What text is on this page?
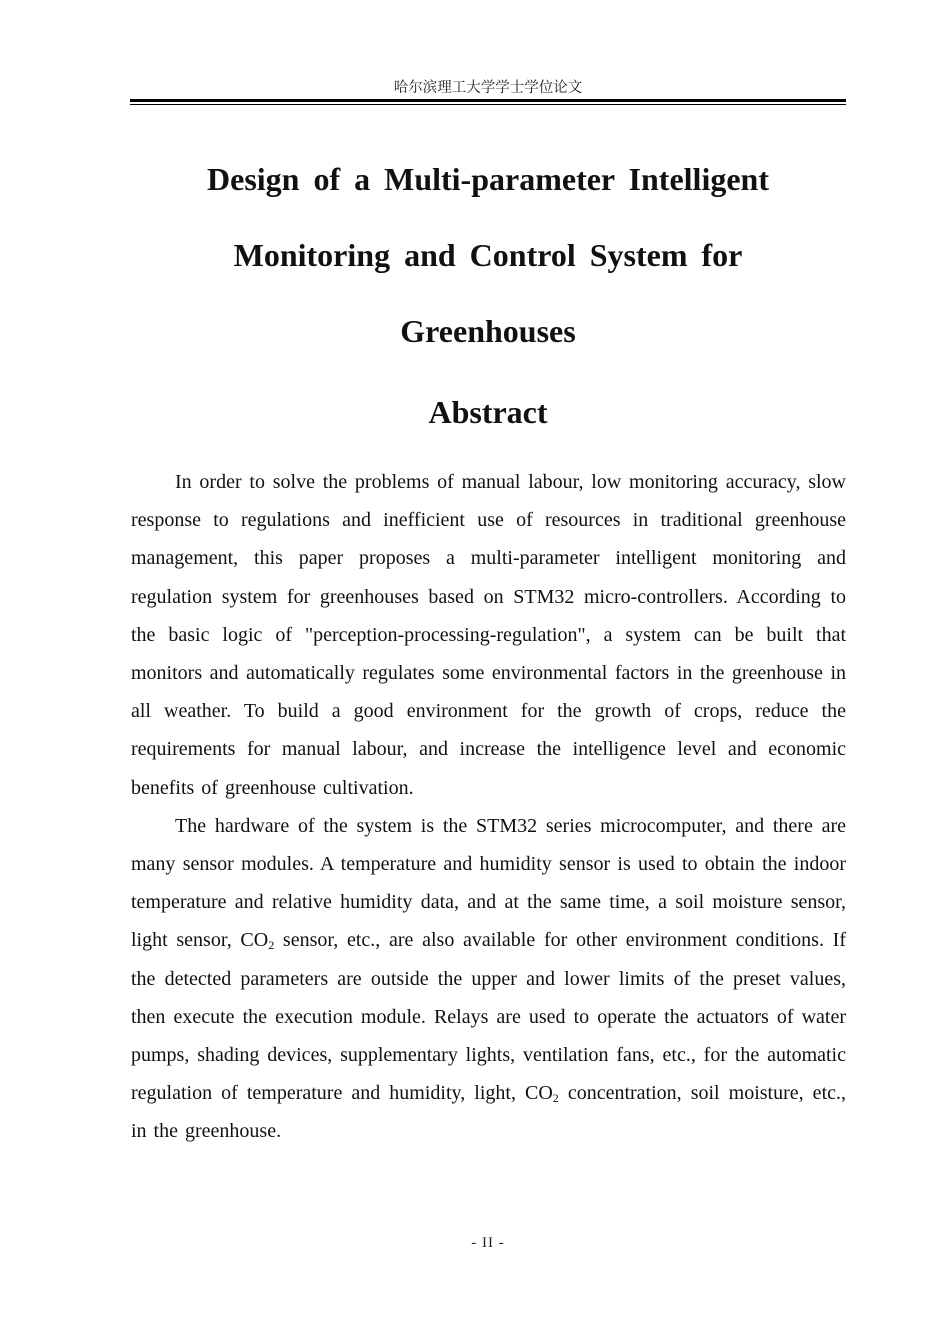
哈尔滨理工大学学士学位论文
Design of a Multi-parameter Intelligent
Monitoring and Control System for
Greenhouses
Abstract

In order to solve the problems of manual labour, low monitoring accuracy, slow response to regulations and inefficient use of resources in traditional greenhouse management, this paper proposes a multi-parameter intelligent monitoring and regulation system for greenhouses based on STM32 micro-controllers. According to the basic logic of "perception-processing-regulation", a system can be built that monitors and automatically regulates some environmental factors in the greenhouse in all weather. To build a good environment for the growth of crops, reduce the requirements for manual labour, and increase the intelligence level and economic benefits of greenhouse cultivation.

The hardware of the system is the STM32 series microcomputer, and there are many sensor modules. A temperature and humidity sensor is used to obtain the indoor temperature and relative humidity data, and at the same time, a soil moisture sensor, light sensor, $CO_2$ sensor, etc., are also available for other environment conditions. If the detected parameters are outside the upper and lower limits of the preset values, then execute the execution module. Relays are used to operate the actuators of water pumps, shading devices, supplementary lights, ventilation fans, etc., for the automatic regulation of temperature and humidity, light, $CO_2$ concentration, soil moisture, etc., in the greenhouse.

- II -
